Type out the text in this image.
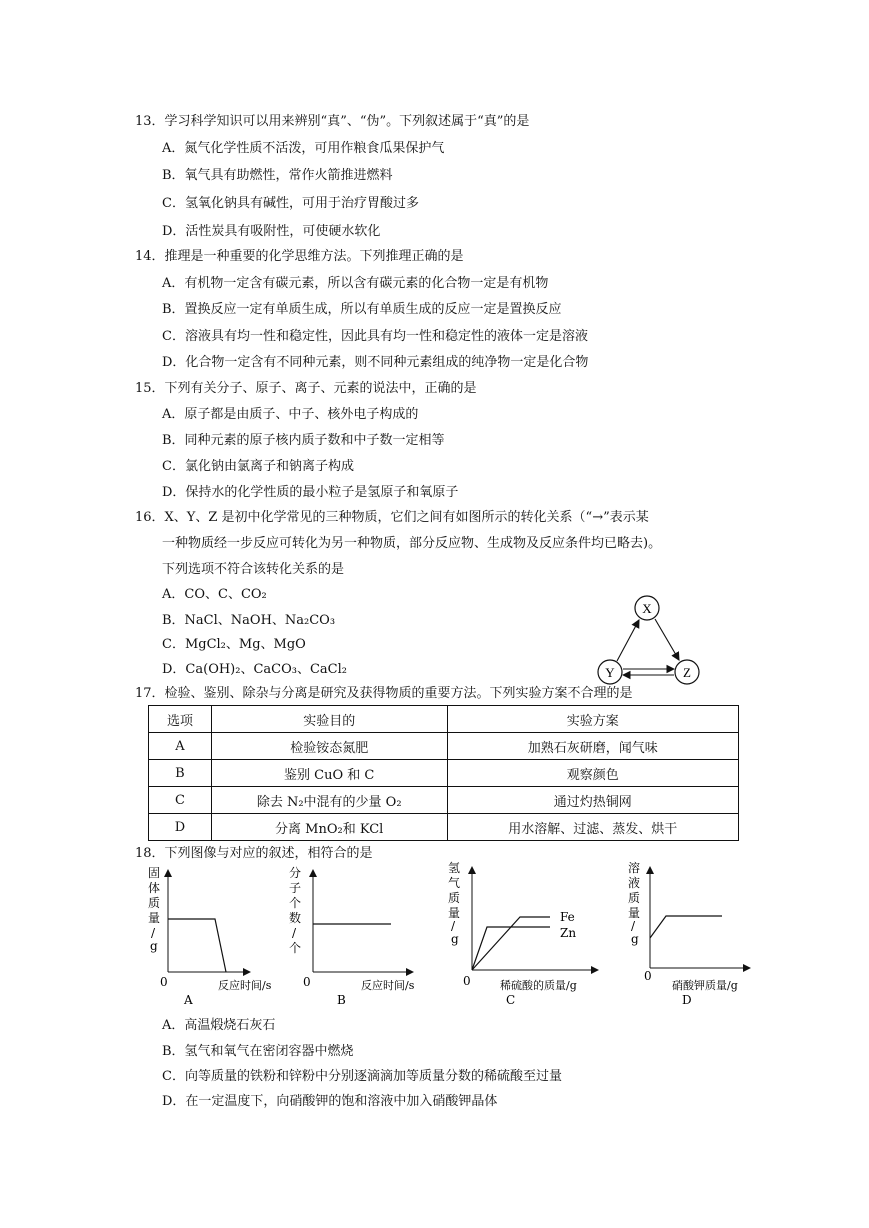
13．学习科学知识可以用来辨别“真”、“伪”。下列叙述属于“真”的是
A．氮气化学性质不活泼，可用作粮食瓜果保护气
B．氧气具有助燃性，常作火箭推进燃料
C．氢氧化钠具有碱性，可用于治疗胃酸过多
D．活性炭具有吸附性，可使硬水软化
14．推理是一种重要的化学思维方法。下列推理正确的是
A．有机物一定含有碳元素，所以含有碳元素的化合物一定是有机物
B．置换反应一定有单质生成，所以有单质生成的反应一定是置换反应
C．溶液具有均一性和稳定性，因此具有均一性和稳定性的液体一定是溶液
D．化合物一定含有不同种元素，则不同种元素组成的纯净物一定是化合物
15．下列有关分子、原子、离子、元素的说法中，正确的是
A．原子都是由质子、中子、核外电子构成的
B．同种元素的原子核内质子数和中子数一定相等
C．氯化钠由氯离子和钠离子构成
D．保持水的化学性质的最小粒子是氢原子和氧原子
16．X、Y、Z 是初中化学常见的三种物质，它们之间有如图所示的转化关系（“→”表示某
一种物质经一步反应可转化为另一种物质，部分反应物、生成物及反应条件均已略去)。
下列选项不符合该转化关系的是
A．CO、C、CO₂
B．NaCl、NaOH、Na₂CO₃
C．MgCl₂、Mg、MgO
D．Ca(OH)₂、CaCO₃、CaCl₂
X
Y	Z
17．检验、鉴别、除杂与分离是研究及获得物质的重要方法。下列实验方案不合理的是
选项	实验目的	实验方案
A	检验铵态氮肥	加熟石灰研磨，闻气味
B	鉴别 CuO 和 C	观察颜色
C	除去 N₂中混有的少量 O₂	通过灼热铜网
D	分离 MnO₂和 KCl	用水溶解、过滤、蒸发、烘干
18．下列图像与对应的叙述，相符合的是
固
体
质
量
/
g
0	反应时间/s
A
分
子
个
数
/
个
0	反应时间/s
B
氢
气
质
量
/
g
Fe
Zn
0	稀硫酸的质量/g
C
溶
液
质
量
/
g
0
硝酸钾质量/g
D
A．高温煅烧石灰石
B．氢气和氧气在密闭容器中燃烧
C．向等质量的铁粉和锌粉中分别逐滴滴加等质量分数的稀硫酸至过量
D．在一定温度下，向硝酸钾的饱和溶液中加入硝酸钾晶体
